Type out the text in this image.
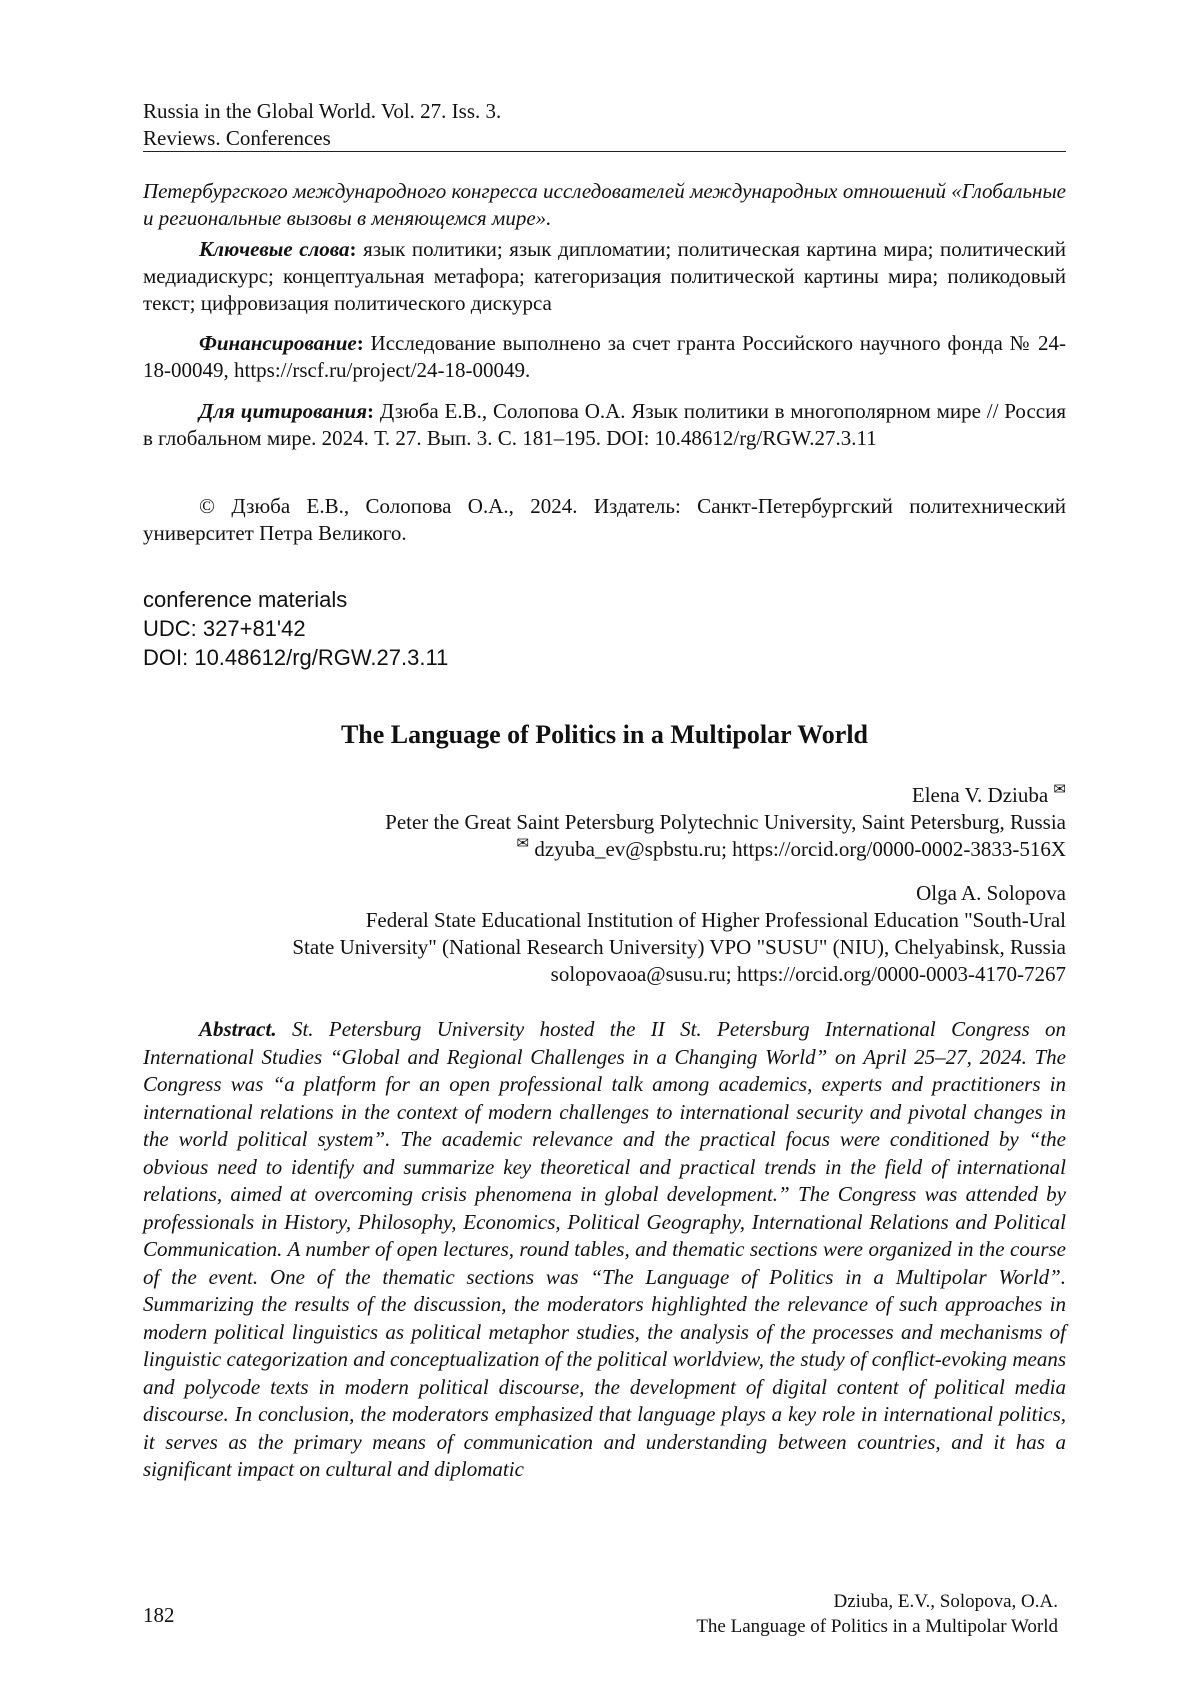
Russia in the Global World. Vol. 27. Iss. 3.
Reviews. Conferences

Петербургского международного конгресса исследователей международных отношений «Глобальные и региональные вызовы в меняющемся мире».

Ключевые слова: язык политики; язык дипломатии; политическая картина мира; политический медиадискурс; концептуальная метафора; категоризация политической картины мира; поликодовый текст; цифровизация политического дискурса

Финансирование: Исследование выполнено за счет гранта Российского научного фонда № 24-18-00049, https://rscf.ru/project/24-18-00049.

Для цитирования: Дзюба Е.В., Солопова О.А. Язык политики в многополярном мире // Россия в глобальном мире. 2024. Т. 27. Вып. 3. С. 181–195. DOI: 10.48612/rg/RGW.27.3.11

© Дзюба Е.В., Солопова О.А., 2024. Издатель: Санкт-Петербургский политехнический университет Петра Великого.

conference materials
UDC: 327+81'42
DOI: 10.48612/rg/RGW.27.3.11
The Language of Politics in a Multipolar World
Elena V. Dziuba ✉
Peter the Great Saint Petersburg Polytechnic University, Saint Petersburg, Russia
✉ dzyuba_ev@spbstu.ru; https://orcid.org/0000-0002-3833-516X
Olga A. Solopova
Federal State Educational Institution of Higher Professional Education "South-Ural
State University" (National Research University) VPO "SUSU" (NIU), Chelyabinsk, Russia
solopovaoa@susu.ru; https://orcid.org/0000-0003-4170-7267

Abstract. St. Petersburg University hosted the II St. Petersburg International Congress on International Studies “Global and Regional Challenges in a Changing World” on April 25–27, 2024. The Congress was “a platform for an open professional talk among academics, experts and practitioners in international relations in the context of modern challenges to international security and pivotal changes in the world political system”. The academic relevance and the practical focus were conditioned by “the obvious need to identify and summarize key theoretical and practical trends in the field of international relations, aimed at overcoming crisis phenomena in global development.” The Congress was attended by professionals in History, Philosophy, Economics, Political Geography, International Relations and Political Communication. A number of open lectures, round tables, and thematic sections were organized in the course of the event. One of the thematic sections was “The Language of Politics in a Multipolar World”. Summarizing the results of the discussion, the moderators highlighted the relevance of such approaches in modern political linguistics as political metaphor studies, the analysis of the processes and mechanisms of linguistic categorization and conceptualization of the political worldview, the study of conflict-evoking means and polycode texts in modern political discourse, the development of digital content of political media discourse. In conclusion, the moderators emphasized that language plays a key role in international politics, it serves as the primary means of communication and understanding between countries, and it has a significant impact on cultural and diplomatic

182
Dziuba, E.V., Solopova, O.A.
The Language of Politics in a Multipolar World
